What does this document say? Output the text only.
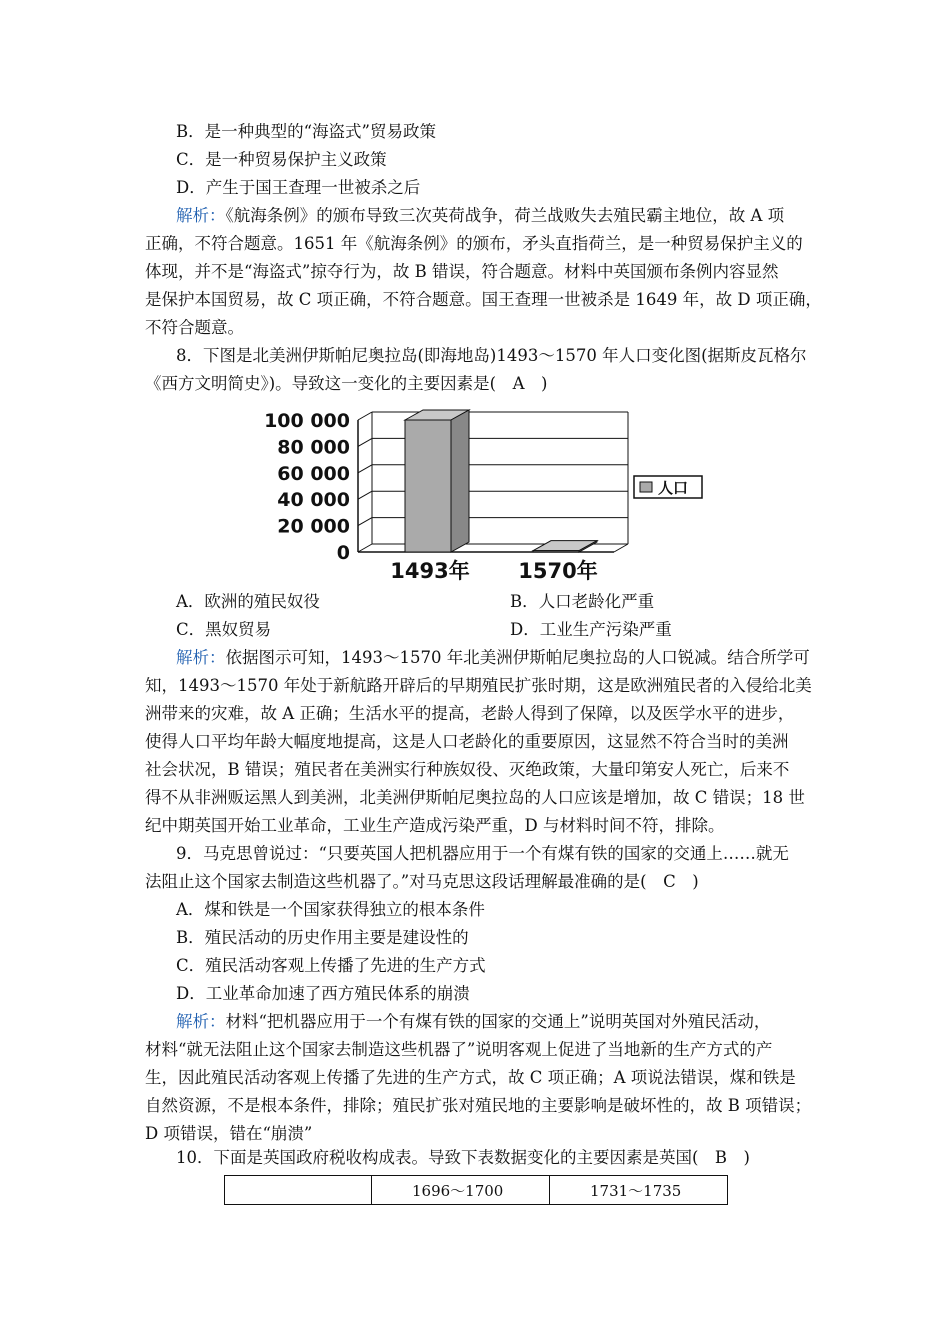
B．是一种典型的“海盗式”贸易政策
C．是一种贸易保护主义政策
D．产生于国王查理一世被杀之后
解析：《航海条例》的颁布导致三次英荷战争，荷兰战败失去殖民霸主地位，故 A 项
正确，不符合题意。1651 年《航海条例》的颁布，矛头直指荷兰，是一种贸易保护主义的
体现，并不是“海盗式”掠夺行为，故 B 错误，符合题意。材料中英国颁布条例内容显然
是保护本国贸易，故 C 项正确，不符合题意。国王查理一世被杀是 1649 年，故 D 项正确，
不符合题意。
8．下图是北美洲伊斯帕尼奥拉岛(即海地岛)1493～1570 年人口变化图(据斯皮瓦格尔
《西方文明简史》)。导致这一变化的主要因素是(　A　)
100 000
80 000
60 000
40 000
20 000
0
1493年 1570年
人口
A．欧洲的殖民奴役	B．人口老龄化严重
C．黑奴贸易	D．工业生产污染严重
解析：依据图示可知，1493～1570 年北美洲伊斯帕尼奥拉岛的人口锐减。结合所学可
知，1493～1570 年处于新航路开辟后的早期殖民扩张时期，这是欧洲殖民者的入侵给北美
洲带来的灾难，故 A 正确；生活水平的提高，老龄人得到了保障，以及医学水平的进步，
使得人口平均年龄大幅度地提高，这是人口老龄化的重要原因，这显然不符合当时的美洲
社会状况，B 错误；殖民者在美洲实行种族奴役、灭绝政策，大量印第安人死亡，后来不
得不从非洲贩运黑人到美洲，北美洲伊斯帕尼奥拉岛的人口应该是增加，故 C 错误；18 世
纪中期英国开始工业革命，工业生产造成污染严重，D 与材料时间不符，排除。
9．马克思曾说过：“只要英国人把机器应用于一个有煤有铁的国家的交通上……就无
法阻止这个国家去制造这些机器了。”对马克思这段话理解最准确的是(　C　)
A．煤和铁是一个国家获得独立的根本条件
B．殖民活动的历史作用主要是建设性的
C．殖民活动客观上传播了先进的生产方式
D．工业革命加速了西方殖民体系的崩溃
解析：材料“把机器应用于一个有煤有铁的国家的交通上”说明英国对外殖民活动，
材料“就无法阻止这个国家去制造这些机器了”说明客观上促进了当地新的生产方式的产
生，因此殖民活动客观上传播了先进的生产方式，故 C 项正确；A 项说法错误，煤和铁是
自然资源，不是根本条件，排除；殖民扩张对殖民地的主要影响是破坏性的，故 B 项错误；
D 项错误，错在“崩溃”
10．下面是英国政府税收构成表。导致下表数据变化的主要因素是英国(　B　)
	1696～1700	1731～1735
